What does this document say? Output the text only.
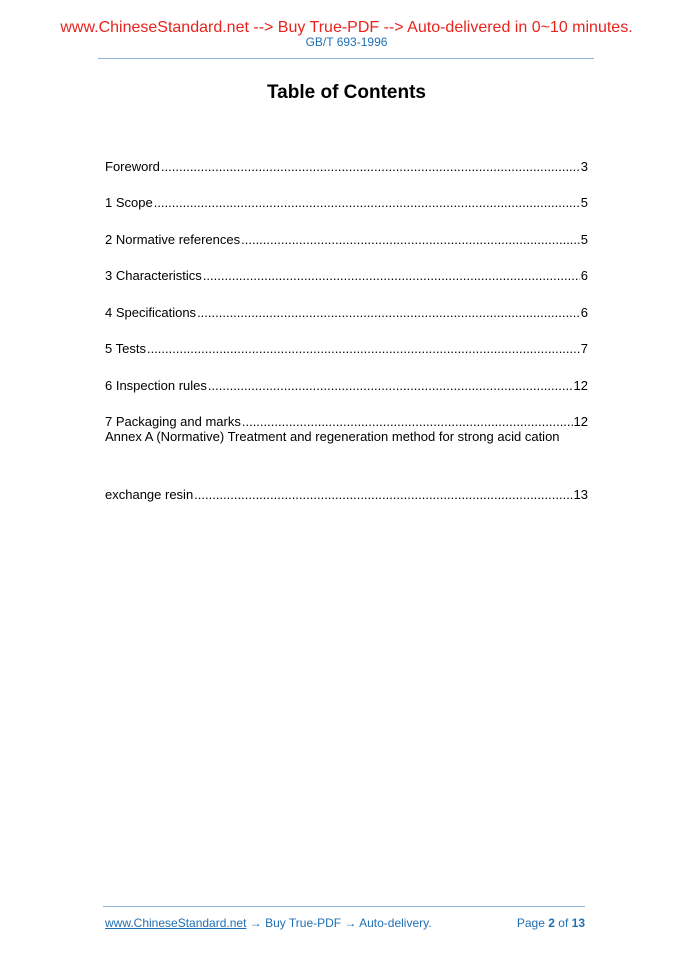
www.ChineseStandard.net --> Buy True-PDF --> Auto-delivered in 0~10 minutes.
GB/T 693-1996
Table of Contents
Foreword .....	3
1 Scope .....	5
2 Normative references .....	5
3 Characteristics .....	6
4 Specifications .....	6
5 Tests .....	7
6 Inspection rules .....	12
7 Packaging and marks .....	12
Annex A (Normative) Treatment and regeneration method for strong acid cation
exchange resin .....	13
www.ChineseStandard.net → Buy True-PDF → Auto-delivery.	Page 2 of 13
